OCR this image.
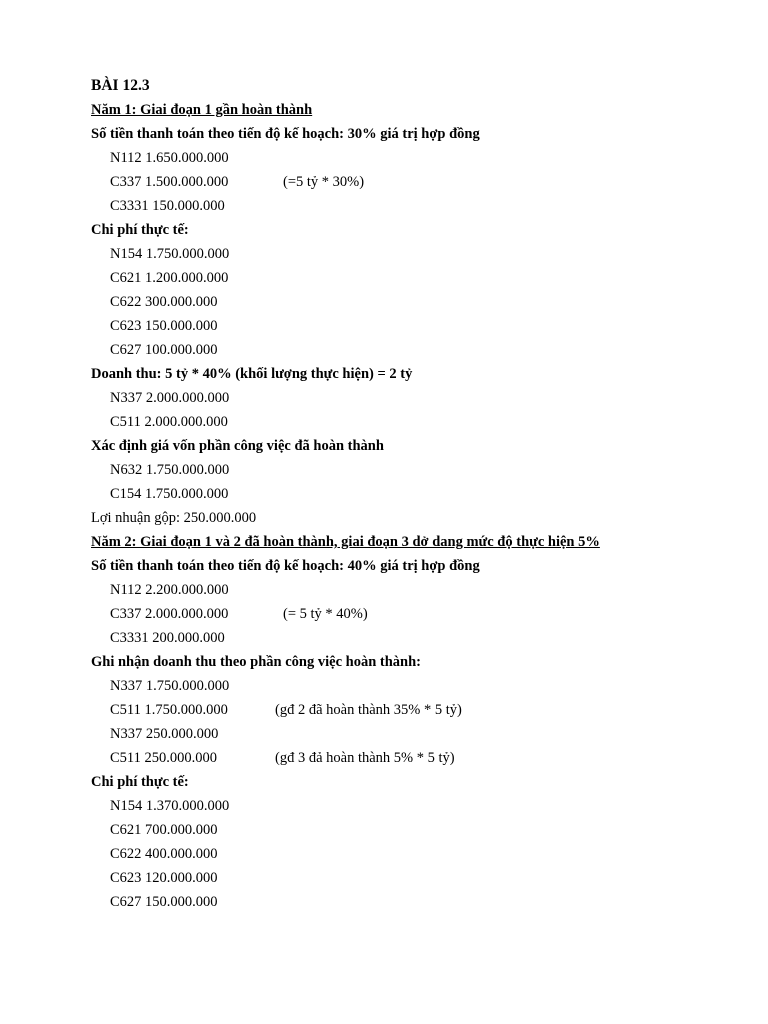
BÀI 12.3
Năm 1: Giai đoạn 1 gần hoàn thành
Số tiền thanh toán theo tiến độ kế hoạch: 30% giá trị hợp đồng
N112 1.650.000.000
C337 1.500.000.000	(=5 tỷ * 30%)
C3331 150.000.000
Chi phí thực tế:
N154 1.750.000.000
C621 1.200.000.000
C622 300.000.000
C623 150.000.000
C627 100.000.000
Doanh thu: 5 tỷ * 40% (khối lượng thực hiện) = 2 tỷ
N337 2.000.000.000
C511 2.000.000.000
Xác định giá vốn phần công việc đã hoàn thành
N632 1.750.000.000
C154 1.750.000.000
Lợi nhuận gộp: 250.000.000
Năm 2: Giai đoạn 1 và 2 đã hoàn thành, giai đoạn 3 dở dang mức độ thực hiện 5%
Số tiền thanh toán theo tiến độ kế hoạch: 40% giá trị hợp đồng
N112 2.200.000.000
C337 2.000.000.000	(= 5 tỷ * 40%)
C3331 200.000.000
Ghi nhận doanh thu theo phần công việc hoàn thành:
N337 1.750.000.000
C511 1.750.000.000	(gđ 2 đã hoàn thành 35% * 5 tỷ)
N337 250.000.000
C511 250.000.000	(gđ 3 đả hoàn thành 5% * 5 tỷ)
Chi phí thực tế:
N154 1.370.000.000
C621 700.000.000
C622 400.000.000
C623 120.000.000
C627 150.000.000
